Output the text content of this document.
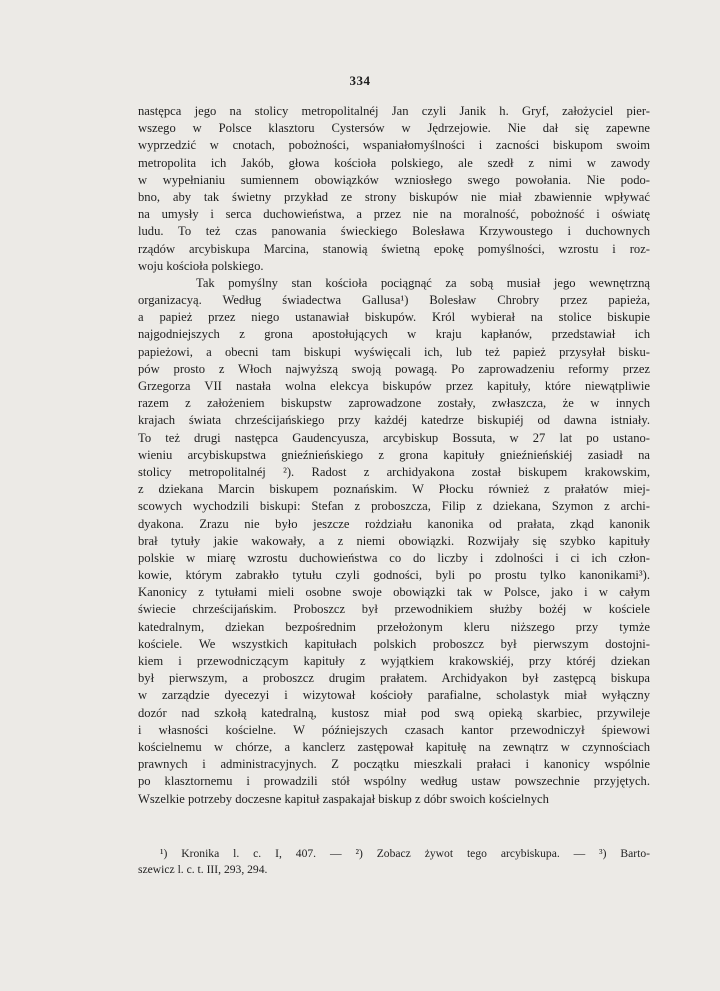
334
następca jego na stolicy metropolitalnéj Jan czyli Janik h. Gryf, założyciel pier-
wszego w Polsce klasztoru Cystersów w Jędrzejowie. Nie dał się zapewne
wyprzedzić w cnotach, pobożności, wspaniałomyślności i zacności biskupom swoim
metropolita ich Jakób, głowa kościoła polskiego, ale szedł z nimi w zawody
w wypełnianiu sumiennem obowiązków wzniosłego swego powołania. Nie podo-
bno, aby tak świetny przykład ze strony biskupów nie miał zbawiennie wpływać
na umysły i serca duchowieństwa, a przez nie na moralność, pobożność i oświatę
ludu. To też czas panowania świeckiego Bolesława Krzywoustego i duchownych
rządów arcybiskupa Marcina, stanowią świetną epokę pomyślności, wzrostu i roz-
woju kościoła polskiego.
Tak pomyślny stan kościoła pociągnąć za sobą musiał jego wewnętrzną
organizacyą. Według świadectwa Gallusa¹) Bolesław Chrobry przez papieża,
a papież przez niego ustanawiał biskupów. Król wybierał na stolice biskupie
najgodniejszych z grona apostołujących w kraju kapłanów, przedstawiał ich
papieżowi, a obecni tam biskupi wyświęcali ich, lub też papież przysyłał bisku-
pów prosto z Włoch najwyższą swoją powagą. Po zaprowadzeniu reformy przez
Grzegorza VII nastała wolna elekcya biskupów przez kapituły, które niewątpliwie
razem z założeniem biskupstw zaprowadzone zostały, zwłaszcza, że w innych
krajach świata chrześcijańskiego przy każdéj katedrze biskupiéj od dawna istniały.
To też drugi następca Gaudencyusza, arcybiskup Bossuta, w 27 lat po ustano-
wieniu arcybiskupstwa gnieźnieńskiego z grona kapituły gnieźnieńskiéj zasiadł na
stolicy metropolitalnéj ²). Radost z archidyakona został biskupem krakowskim,
z dziekana Marcin biskupem poznańskim. W Płocku również z prałatów miej-
scowych wychodzili biskupi: Stefan z proboszcza, Filip z dziekana, Szymon z archi-
dyakona. Zrazu nie było jeszcze rożdziału kanonika od prałata, zkąd kanonik
brał tytuły jakie wakowały, a z niemi obowiązki. Rozwijały się szybko kapituły
polskie w miarę wzrostu duchowieństwa co do liczby i zdolności i ci ich człon-
kowie, którym zabrakło tytułu czyli godności, byli po prostu tylko kanonikami³).
Kanonicy z tytułami mieli osobne swoje obowiązki tak w Polsce, jako i w całym
świecie chrześcijańskim. Proboszcz był przewodnikiem służby bożéj w kościele
katedralnym, dziekan bezpośrednim przełożonym kleru niższego przy tymże
kościele. We wszystkich kapitułach polskich proboszcz był pierwszym dostojni-
kiem i przewodniczącym kapituły z wyjątkiem krakowskiéj, przy któréj dziekan
był pierwszym, a proboszcz drugim prałatem. Archidyakon był zastępcą biskupa
w zarządzie dyecezyi i wizytował kościoły parafialne, scholastyk miał wyłączny
dozór nad szkołą katedralną, kustosz miał pod swą opieką skarbiec, przywileje
i własności kościelne. W późniejszych czasach kantor przewodniczył śpiewowi
kościelnemu w chórze, a kanclerz zastępował kapitułę na zewnątrz w czynnościach
prawnych i administracyjnych. Z początku mieszkali prałaci i kanonicy wspólnie
po klasztornemu i prowadzili stół wspólny według ustaw powszechnie przyjętych.
Wszelkie potrzeby doczesne kapituł zaspakajał biskup z dóbr swoich kościelnych
¹) Kronika l. c. I, 407. — ²) Zobacz żywot tego arcybiskupa. — ³) Barto-
szewicz l. c. t. III, 293, 294.
